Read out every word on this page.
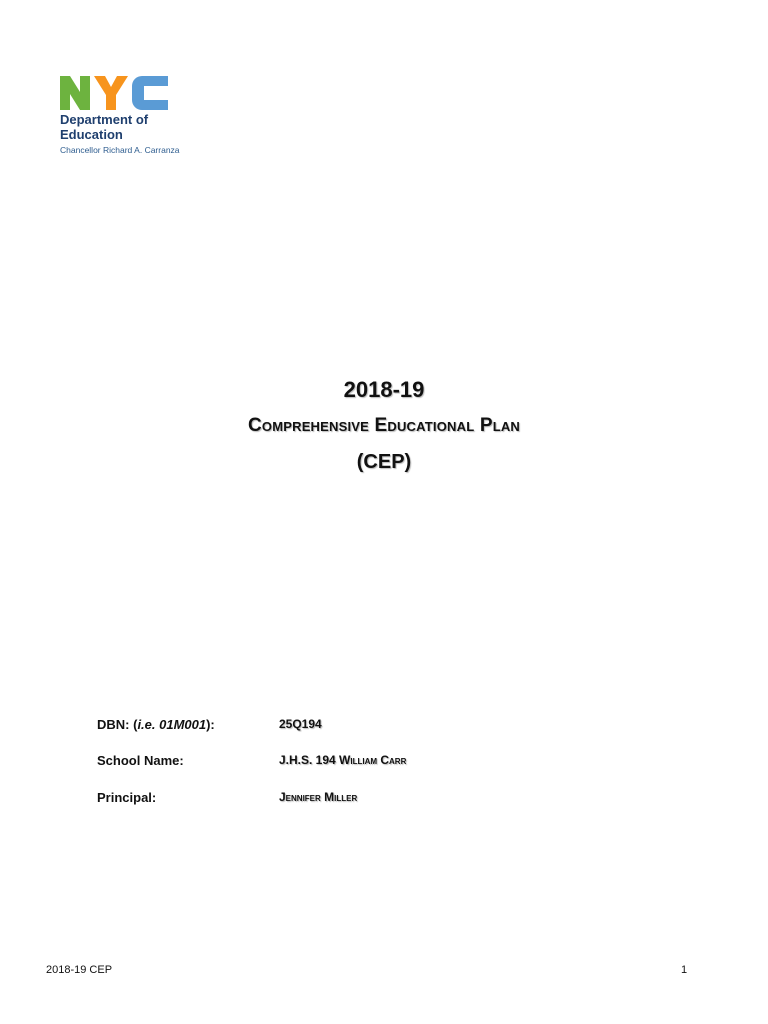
Department of
Education
Chancellor Richard A. Carranza
2018-19
Comprehensive Educational Plan
(CEP)
DBN: (i.e. 01M001):	25Q194
School Name:	J.H.S. 194 William Carr
Principal:	Jennifer Miller
2018-19 CEP	1
